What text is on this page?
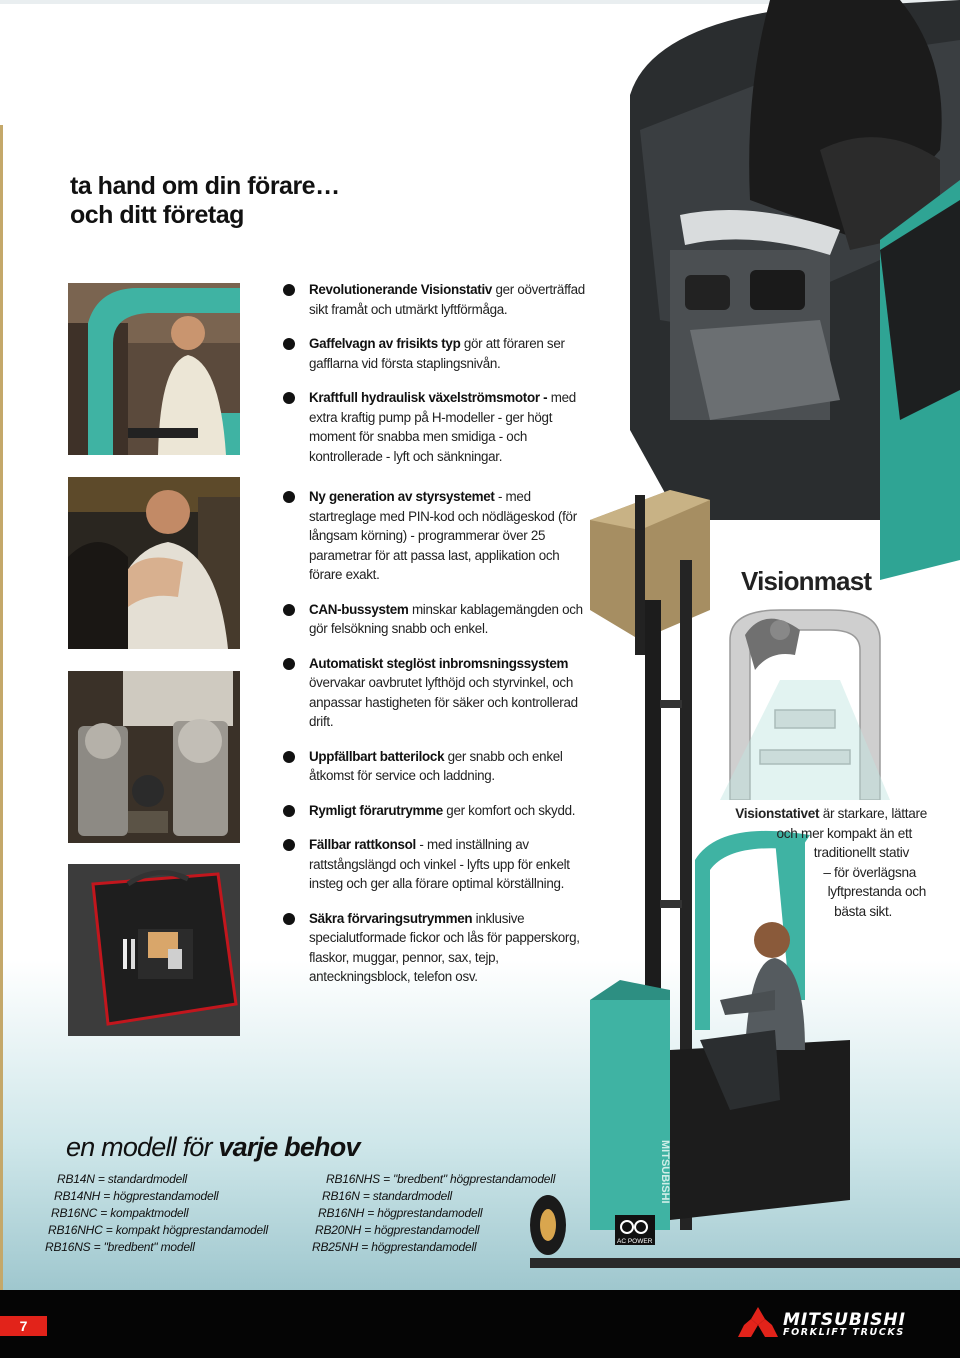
ta hand om din förare…
och ditt företag
Revolutionerande Visionstativ ger oöverträffad sikt framåt och utmärkt lyftförmåga.
Gaffelvagn av frisikts typ gör att föraren ser gafflarna vid första staplingsnivån.
Kraftfull hydraulisk växelströmsmotor - med extra kraftig pump på H-modeller - ger högt moment för snabba men smidiga - och kontrollerade - lyft och sänkningar.
Ny generation av styrsystemet - med startreglage med PIN-kod och nödlägeskod (för långsam körning) - programmerar över 25 parametrar för att passa last, applikation och förare exakt.
CAN-bussystem minskar kablagemängden och gör felsökning snabb och enkel.
Automatiskt steglöst inbromsningssystem övervakar oavbrutet lyfthöjd och styrvinkel, och anpassar hastigheten för säker och kontrollerad drift.
Uppfällbart batterilock ger snabb och enkel åtkomst för service och laddning.
Rymligt förarutrymme ger komfort och skydd.
Fällbar rattkonsol - med inställning av rattstångslängd och vinkel - lyfts upp för enkelt insteg och ger alla förare optimal körställning.
Säkra förvaringsutrymmen inklusive specialutformade fickor och lås för papperskorg, flaskor, muggar, pennor, sax, tejp, anteckningsblock, telefon osv.
MITSUBISHI
AC POWER
Visionmast
Visionstativet är starkare, lättare
och mer kompakt än ett
traditionellt stativ
– för överlägsna
lyftprestanda och
bästa sikt.
en modell för varje behov
RB14N = standardmodell
RB14NH = högprestandamodell
RB16NC = kompaktmodell
RB16NHC = kompakt högprestandamodell
RB16NS = "bredbent" modell
RB16NHS = "bredbent" högprestandamodell
RB16N = standardmodell
RB16NH = högprestandamodell
RB20NH = högprestandamodell
RB25NH = högprestandamodell
7	MITSUBISHI
FORKLIFT TRUCKS
